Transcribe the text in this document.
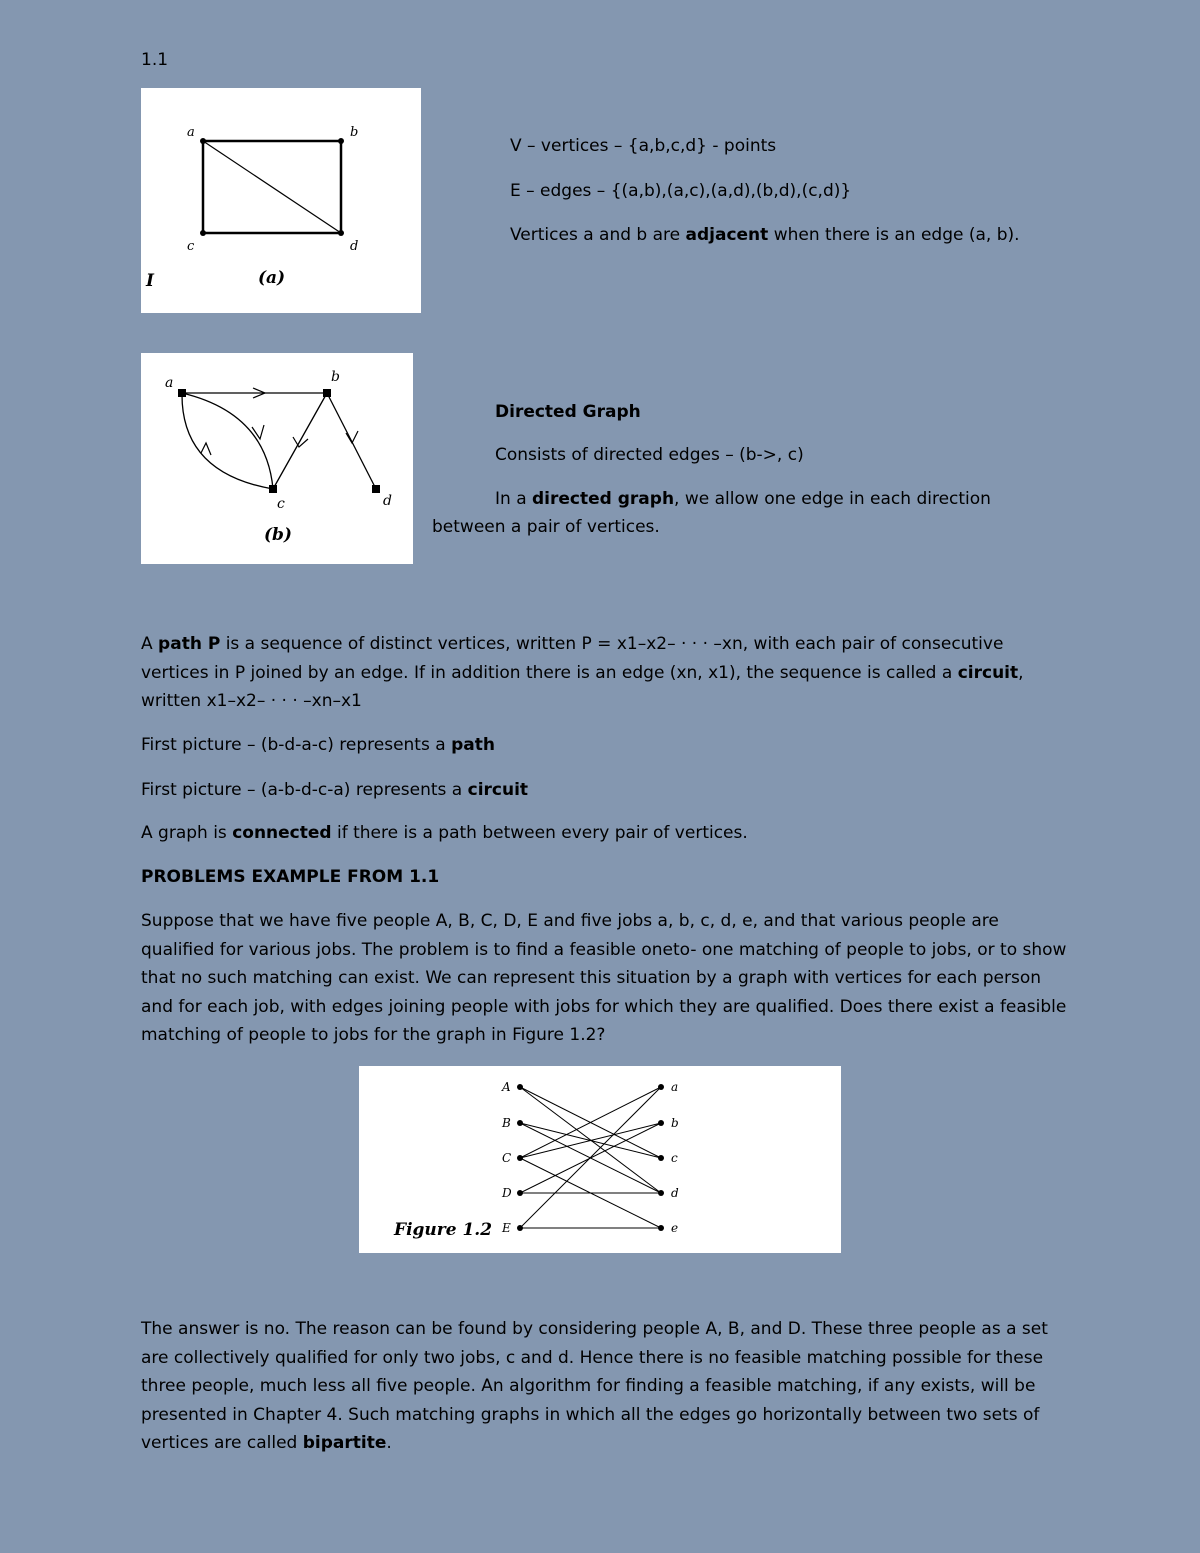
1.1
a	b
c	d
(a)
I
V – vertices – {a,b,c,d} - points
E – edges – {(a,b),(a,c),(a,d),(b,d),(c,d)}
Vertices a and b are adjacent when there is an edge (a, b).
a	b
c	d
(b)
Directed Graph
Consists of directed edges – (b->, c)
In a directed graph, we allow one edge in each direction
between a pair of vertices.
A path P is a sequence of distinct vertices, written P = x1–x2– · · · –xn, with each pair of consecutive vertices in P joined by an edge. If in addition there is an edge (xn, x1), the sequence is called a circuit, written x1–x2– · · · –xn–x1
First picture – (b-d-a-c) represents a path
First picture – (a-b-d-c-a) represents a circuit
A graph is connected if there is a path between every pair of vertices.
PROBLEMS EXAMPLE FROM 1.1
Suppose that we have five people A, B, C, D, E and five jobs a, b, c, d, e, and that various people are qualified for various jobs. The problem is to find a feasible oneto- one matching of people to jobs, or to show that no such matching can exist. We can represent this situation by a graph with vertices for each person and for each job, with edges joining people with jobs for which they are qualified. Does there exist a feasible matching of people to jobs for the graph in Figure 1.2?
A
B
C
D
E
a
b
c
d
e
Figure 1.2
The answer is no. The reason can be found by considering people A, B, and D. These three people as a set are collectively qualified for only two jobs, c and d. Hence there is no feasible matching possible for these three people, much less all five people. An algorithm for finding a feasible matching, if any exists, will be presented in Chapter 4. Such matching graphs in which all the edges go horizontally between two sets of vertices are called bipartite.
